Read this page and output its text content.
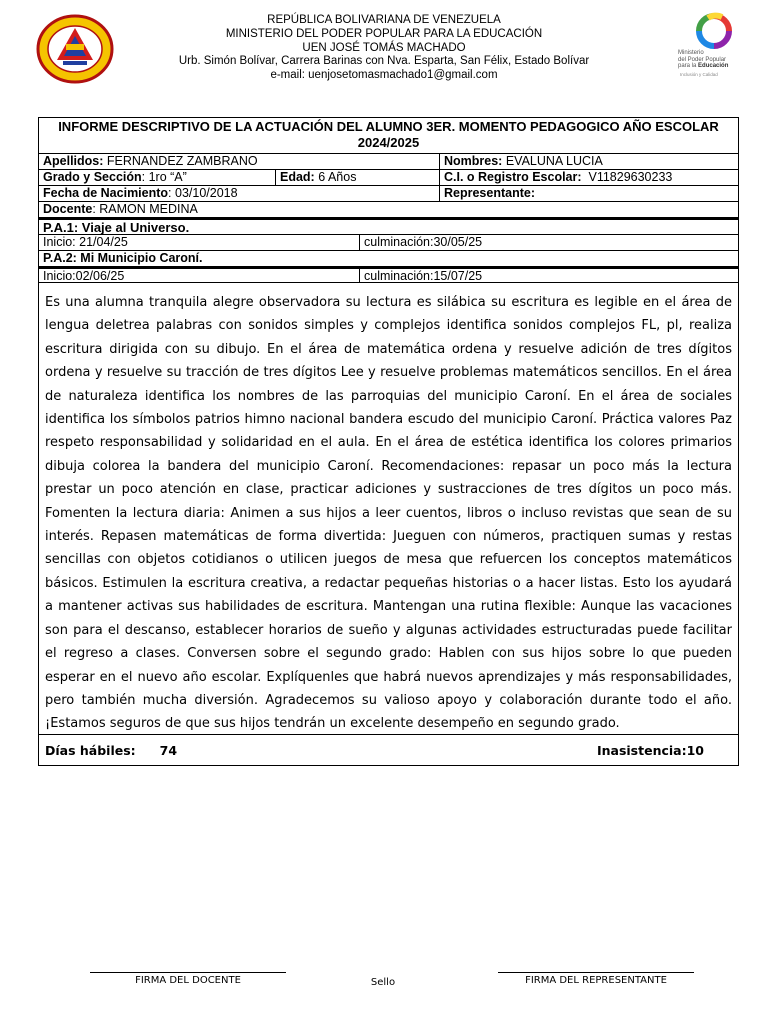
REPÚBLICA BOLIVARIANA DE VENEZUELA
MINISTERIO DEL PODER POPULAR PARA LA EDUCACIÓN
UEN JOSÉ TOMÁS MACHADO
Urb. Simón Bolívar, Carrera Barinas con Nva. Esparta, San Félix, Estado Bolívar
e-mail: uenjosetomasmachado1@gmail.com
Ministerio
del Poder Popular
para la Educación
Inclusión y Calidad
INFORME DESCRIPTIVO DE LA ACTUACIÓN DEL ALUMNO 3ER. MOMENTO PEDAGOGICO AÑO ESCOLAR 2024/2025
Apellidos: FERNANDEZ ZAMBRANO	Nombres: EVALUNA LUCIA
Grado y Sección: 1ro “A”	Edad: 6 Años	C.I. o Registro Escolar: V11829630233
Fecha de Nacimiento: 03/10/2018	Representante:
Docente: RAMON MEDINA
P.A.1: Viaje al Universo.
Inicio: 21/04/25	culminación:30/05/25
P.A.2: Mi Municipio Caroní.
Inicio:02/06/25	culminación:15/07/25
Es una alumna tranquila alegre observadora su lectura es silábica su escritura es legible en el área de lengua deletrea palabras con sonidos simples y complejos identifica sonidos complejos FL, pl, realiza escritura dirigida con su dibujo. En el área de matemática ordena y resuelve adición de tres dígitos ordena y resuelve su tracción de tres dígitos Lee y resuelve problemas matemáticos sencillos. En el área de naturaleza identifica los nombres de las parroquias del municipio Caroní. En el área de sociales identifica los símbolos patrios himno nacional bandera escudo del municipio Caroní. Práctica valores Paz respeto responsabilidad y solidaridad en el aula. En el área de estética identifica los colores primarios dibuja colorea la bandera del municipio Caroní. Recomendaciones: repasar un poco más la lectura prestar un poco atención en clase, practicar adiciones y sustracciones de tres dígitos un poco más. Fomenten la lectura diaria: Animen a sus hijos a leer cuentos, libros o incluso revistas que sean de su interés. Repasen matemáticas de forma divertida: Jueguen con números, practiquen sumas y restas sencillas con objetos cotidianos o utilicen juegos de mesa que refuercen los conceptos matemáticos básicos. Estimulen la escritura creativa, a redactar pequeñas historias o a hacer listas. Esto los ayudará a mantener activas sus habilidades de escritura. Mantengan una rutina flexible: Aunque las vacaciones son para el descanso, establecer horarios de sueño y algunas actividades estructuradas puede facilitar el regreso a clases. Conversen sobre el segundo grado: Hablen con sus hijos sobre lo que pueden esperar en el nuevo año escolar. Explíquenles que habrá nuevos aprendizajes y más responsabilidades, pero también mucha diversión. Agradecemos su valioso apoyo y colaboración durante todo el año. ¡Estamos seguros de que sus hijos tendrán un excelente desempeño en segundo grado.
Días hábiles: 74	Inasistencia:10
FIRMA DEL DOCENTE	Sello	FIRMA DEL REPRESENTANTE
